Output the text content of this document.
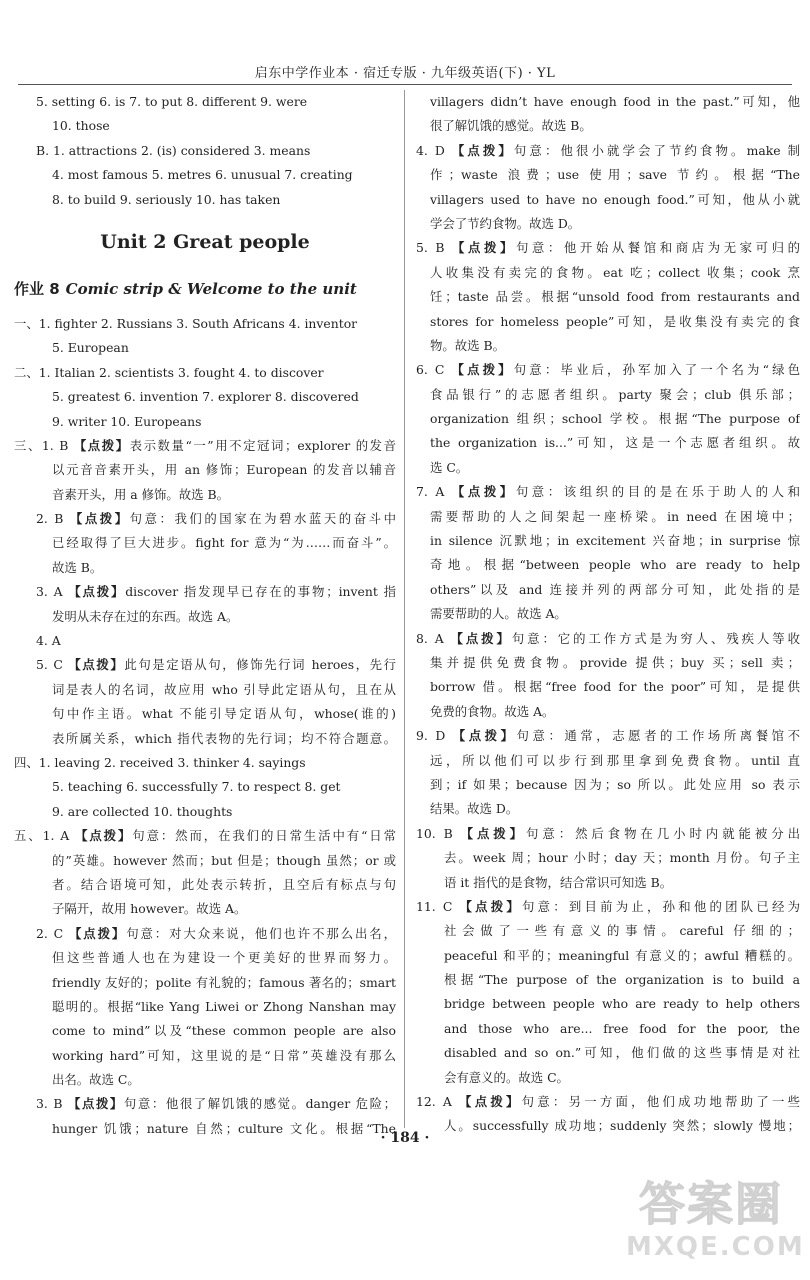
启东中学作业本 · 宿迁专版 · 九年级英语(下) · YL
5. setting 6. is 7. to put 8. different 9. were
10. those
B. 1. attractions 2. (is) considered 3. means
4. most famous 5. metres 6. unusual 7. creating
8. to build 9. seriously 10. has taken
Unit 2 Great people
作业 8 Comic strip & Welcome to the unit
一、1. fighter 2. Russians 3. South Africans 4. inventor
5. European
二、1. Italian 2. scientists 3. fought 4. to discover
5. greatest 6. invention 7. explorer 8. discovered
9. writer 10. Europeans
三、1. B 【点拨】表示数量“一”用不定冠词；explorer 的发音
以元音音素开头，用 an 修饰；European 的发音以辅音
音素开头，用 a 修饰。故选 B。
2. B 【点拨】句意：我们的国家在为碧水蓝天的奋斗中
已经取得了巨大进步。fight for 意为“为……而奋斗”。
故选 B。
3. A 【点拨】discover 指发现早已存在的事物；invent 指
发明从未存在过的东西。故选 A。
4. A
5. C 【点拨】此句是定语从句，修饰先行词 heroes，先行
词是表人的名词，故应用 who 引导此定语从句，且在从
句中作主语。what 不能引导定语从句，whose(谁的)
表所属关系，which 指代表物的先行词；均不符合题意。
四、1. leaving 2. received 3. thinker 4. sayings
5. teaching 6. successfully 7. to respect 8. get
9. are collected 10. thoughts
五、1. A 【点拨】句意：然而，在我们的日常生活中有“日常
的”英雄。however 然而；but 但是；though 虽然；or 或
者。结合语境可知，此处表示转折，且空后有标点与句
子隔开，故用 however。故选 A。
2. C 【点拨】句意：对大众来说，他们也许不那么出名，
但这些普通人也在为建设一个更美好的世界而努力。
friendly 友好的；polite 有礼貌的；famous 著名的；smart
聪明的。根据“like Yang Liwei or Zhong Nanshan may
come to mind”以及“these common people are also
working hard”可知，这里说的是“日常”英雄没有那么
出名。故选 C。
3. B 【点拨】句意：他很了解饥饿的感觉。danger 危险；
hunger 饥饿；nature 自然；culture 文化。根据“The
villagers didn’t have enough food in the past.”可知，他
很了解饥饿的感觉。故选 B。
4. D 【点拨】句意：他很小就学会了节约食物。make 制
作；waste 浪费；use 使用；save 节约。根据“The
villagers used to have no enough food.”可知，他从小就
学会了节约食物。故选 D。
5. B 【点拨】句意：他开始从餐馆和商店为无家可归的
人收集没有卖完的食物。eat 吃；collect 收集；cook 烹
饪；taste 品尝。根据“unsold food from restaurants and
stores for homeless people”可知，是收集没有卖完的食
物。故选 B。
6. C 【点拨】句意：毕业后，孙军加入了一个名为“绿色
食品银行”的志愿者组织。party 聚会；club 俱乐部；
organization 组织；school 学校。根据“The purpose of
the organization is...”可知，这是一个志愿者组织。故
选 C。
7. A 【点拨】句意：该组织的目的是在乐于助人的人和
需要帮助的人之间架起一座桥梁。in need 在困境中；
in silence 沉默地；in excitement 兴奋地；in surprise 惊
奇地。根据“between people who are ready to help
others”以及 and 连接并列的两部分可知，此处指的是
需要帮助的人。故选 A。
8. A 【点拨】句意：它的工作方式是为穷人、残疾人等收
集并提供免费食物。provide 提供；buy 买；sell 卖；
borrow 借。根据“free food for the poor”可知，是提供
免费的食物。故选 A。
9. D 【点拨】句意：通常，志愿者的工作场所离餐馆不
远，所以他们可以步行到那里拿到免费食物。until 直
到；if 如果；because 因为；so 所以。此处应用 so 表示
结果。故选 D。
10. B 【点拨】句意：然后食物在几小时内就能被分出
去。week 周；hour 小时；day 天；month 月份。句子主
语 it 指代的是食物，结合常识可知选 B。
11. C 【点拨】句意：到目前为止，孙和他的团队已经为
社会做了一些有意义的事情。careful 仔细的；
peaceful 和平的；meaningful 有意义的；awful 糟糕的。
根据“The purpose of the organization is to build a
bridge between people who are ready to help others
and those who are... free food for the poor, the
disabled and so on.”可知，他们做的这些事情是对社
会有意义的。故选 C。
12. A 【点拨】句意：另一方面，他们成功地帮助了一些
人。successfully 成功地；suddenly 突然；slowly 慢地；
· 184 ·
答案圈
MXQE.COM
